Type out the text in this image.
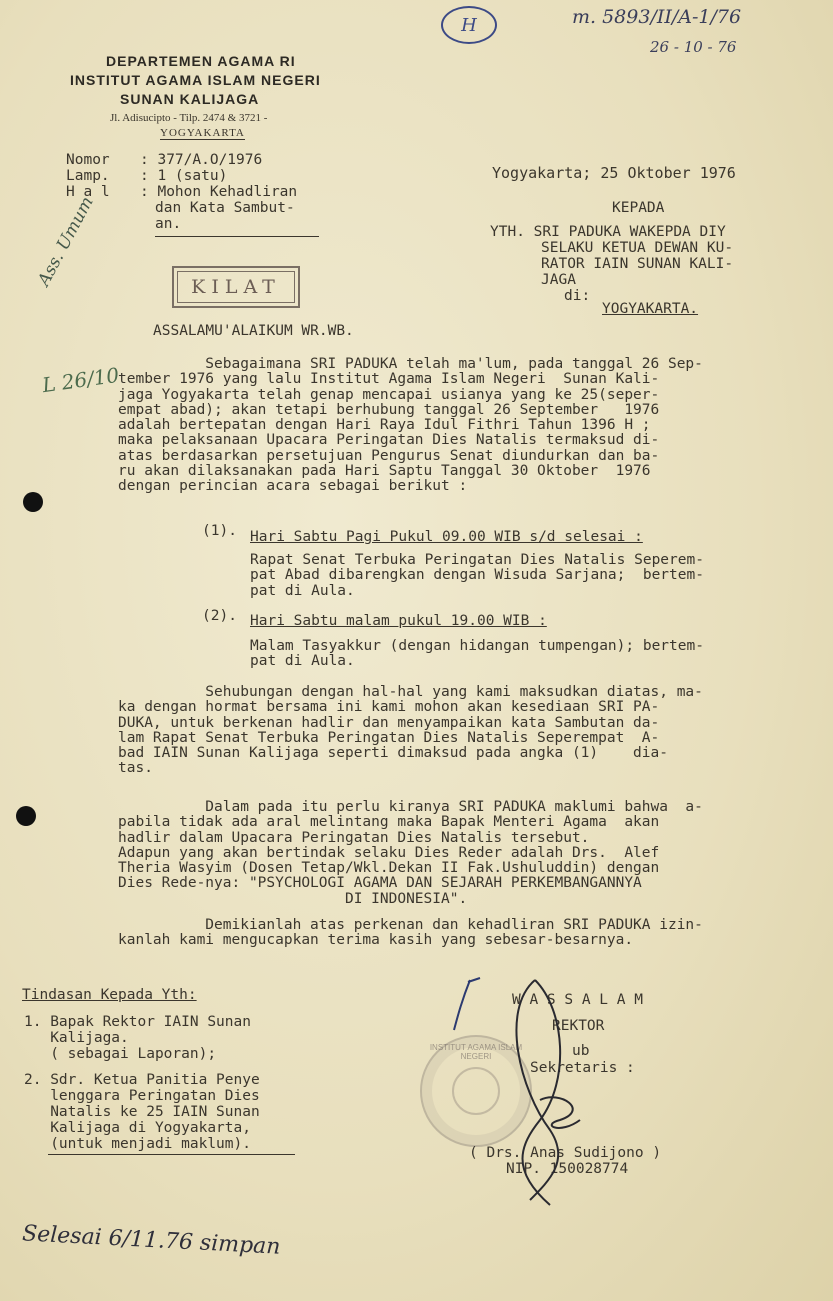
H	m. 5893/II/A-1/76
26 - 10 - 76
DEPARTEMEN AGAMA RI
INSTITUT AGAMA ISLAM NEGERI
SUNAN KALIJAGA
Jl. Adisucipto - Tilp. 2474 & 3721 -
YOGYAKARTA
Nomor : 377/A.O/1976
Lamp. : 1 (satu)
H a l : Mohon Kehadliran
dan Kata Sambut-
an.
Yogyakarta; 25 Oktober 1976
KEPADA
YTH. SRI PADUKA WAKEPDA DIY
SELAKU KETUA DEWAN KU-
RATOR IAIN SUNAN KALI-
JAGA
di:
YOGYAKARTA.
KILAT
Ass. Umum
L 26/10
ASSALAMU'ALAIKUM WR.WB.
Sebagaimana SRI PADUKA telah ma'lum, pada tanggal 26 Sep-
tember 1976 yang lalu Institut Agama Islam Negeri  Sunan Kali-
jaga Yogyakarta telah genap mencapai usianya yang ke 25(seper-
empat abad); akan tetapi berhubung tanggal 26 September   1976
adalah bertepatan dengan Hari Raya Idul Fithri Tahun 1396 H ;
maka pelaksanaan Upacara Peringatan Dies Natalis termaksud di-
atas berdasarkan persetujuan Pengurus Senat diundurkan dan ba-
ru akan dilaksanakan pada Hari Saptu Tanggal 30 Oktober  1976
dengan perincian acara sebagai berikut :
(1). Hari Sabtu Pagi Pukul 09.00 WIB s/d selesai :
Rapat Senat Terbuka Peringatan Dies Natalis Seperem-
pat Abad dibarengkan dengan Wisuda Sarjana;  bertem-
pat di Aula.
(2). Hari Sabtu malam pukul 19.00 WIB :
Malam Tasyakkur (dengan hidangan tumpengan); bertem-
pat di Aula.
Sehubungan dengan hal-hal yang kami maksudkan diatas, ma-
ka dengan hormat bersama ini kami mohon akan kesediaan SRI PA-
DUKA, untuk berkenan hadlir dan menyampaikan kata Sambutan da-
lam Rapat Senat Terbuka Peringatan Dies Natalis Seperempat  A-
bad IAIN Sunan Kalijaga seperti dimaksud pada angka (1)    dia-
tas.
Dalam pada itu perlu kiranya SRI PADUKA maklumi bahwa  a-
pabila tidak ada aral melintang maka Bapak Menteri Agama  akan
hadlir dalam Upacara Peringatan Dies Natalis tersebut.
Adapun yang akan bertindak selaku Dies Reder adalah Drs.  Alef
Theria Wasyim (Dosen Tetap/Wkl.Dekan II Fak.Ushuluddin) dengan
Dies Rede-nya: "PSYCHOLOGI AGAMA DAN SEJARAH PERKEMBANGANNYA
DI INDONESIA".
Demikianlah atas perkenan dan kehadliran SRI PADUKA izin-
kanlah kami mengucapkan terima kasih yang sebesar-besarnya.
Tindasan Kepada Yth:
1. Bapak Rektor IAIN Sunan
Kalijaga.
( sebagai Laporan);
2. Sdr. Ketua Panitia Penye
lenggara Peringatan Dies
Natalis ke 25 IAIN Sunan
Kalijaga di Yogyakarta,
(untuk menjadi maklum).
INSTITUT AGAMA ISLAM NEGERI
W A S S A L A M
REKTOR
ub
Sekretaris :
( Drs. Anas Sudijono )
NIP. 150028774
Selesai 6/11.76 simpan
